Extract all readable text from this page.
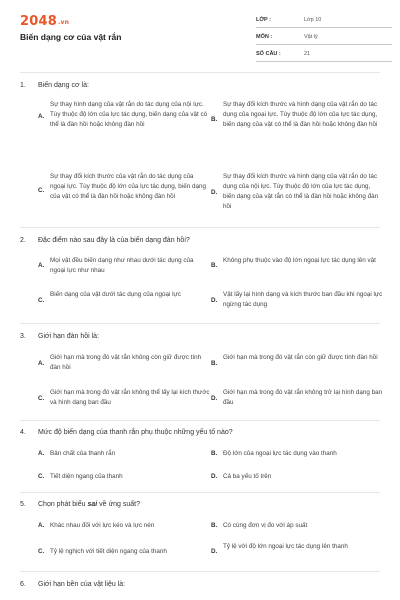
2048.vn
Biến dạng cơ của vật rắn
LỚP :	Lớp 10
MÔN :	Vật lý
SỐ CÂU :	21
1. Biến dạng cơ là:
A.
Sự thay hình dạng của vật rắn do tác dụng của nội lực. Tùy thuộc độ lớn của lực tác dụng, biến dạng của vật có thể là đàn hồi hoặc không đàn hồi
B.
Sự thay đổi kích thước và hình dạng của vật rắn do tác dụng của ngoại lực. Tùy thuộc độ lớn của lực tác dụng, biến dạng của vật có thể là đàn hồi hoặc không đàn hồi
C.
Sự thay đổi kích thước của vật rắn do tác dụng của ngoại lực. Tùy thuộc độ lớn của lực tác dụng, biến dạng của vật có thể là đàn hồi hoặc không đàn hồi
D.
Sự thay đổi kích thước và hình dạng của vật rắn do tác dụng của nội lực. Tùy thuộc độ lớn của lực tác dụng, biến dạng của vật rắn có thể là đàn hồi hoặc không đàn hồi
2. Đặc điểm nào sau đây là của biến dạng đàn hồi?
A.
Mọi vật đều biến dạng như nhau dưới tác dụng của ngoại lực như nhau
B.
Không phụ thuộc vào độ lớn ngoại lực tác dụng lên vật
C.
Biến dạng của vật dưới tác dụng của ngoại lực
D.
Vật lấy lại hình dạng và kích thước ban đầu khi ngoại lực ngừng tác dụng
3. Giới hạn đàn hồi là:
A.
Giới hạn mà trong đó vật rắn không còn giữ được tính đàn hồi
B.
Giới hạn mà trong đó vật rắn còn giữ được tính đàn hồi
C.
Giới hạn mà trong đó vật rắn không thể lấy lại kích thước và hình dạng ban đầu
D.
Giới hạn mà trong đó vật rắn không trở lại hình dạng ban đầu
4. Mức độ biến dạng của thanh rắn phụ thuộc những yếu tố nào?
A. Bản chất của thanh rắn	B. Độ lớn của ngoại lực tác dụng vào thanh
C. Tiết diện ngang của thanh	D. Cả ba yếu tố trên
5. Chọn phát biểu sai về ứng suất?
A. Khác nhau đối với lực kéo và lực nén	B. Có cùng đơn vị đo với áp suất
C. Tỷ lệ nghịch với tiết diện ngang của thanh	D.
Tỷ lệ với độ lớn ngoại lực tác dụng lên thanh
6. Giới hạn bền của vật liệu là:
